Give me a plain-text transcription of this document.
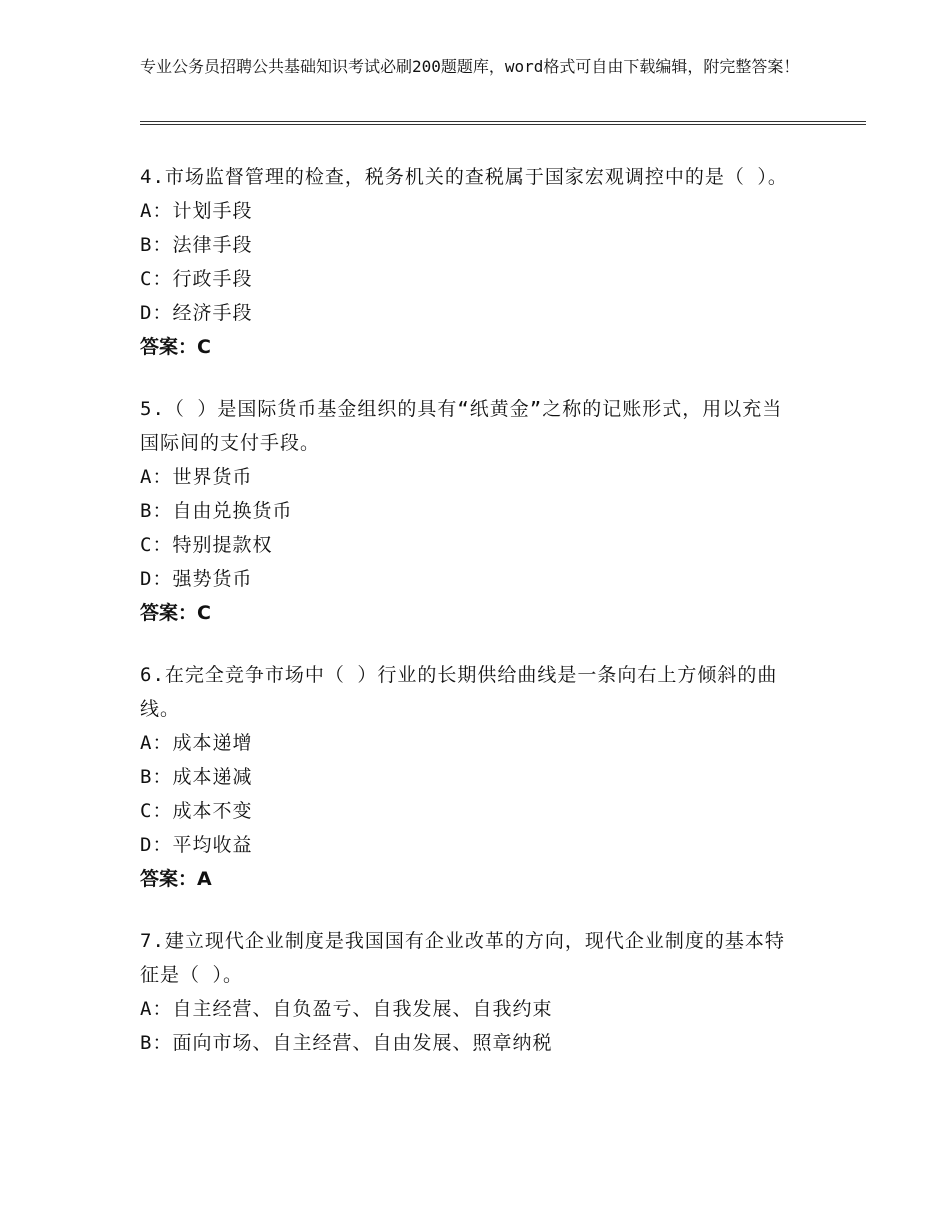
专业公务员招聘公共基础知识考试必刷200题题库，word格式可自由下载编辑，附完整答案！
4.市场监督管理的检查，税务机关的查税属于国家宏观调控中的是（ ）。
A：计划手段
B：法律手段
C：行政手段
D：经济手段
答案：C
5.（ ）是国际货币基金组织的具有“纸黄金”之称的记账形式，用以充当国际间的支付手段。
A：世界货币
B：自由兑换货币
C：特别提款权
D：强势货币
答案：C
6.在完全竞争市场中（ ）行业的长期供给曲线是一条向右上方倾斜的曲线。
A：成本递增
B：成本递减
C：成本不变
D：平均收益
答案：A
7.建立现代企业制度是我国国有企业改革的方向，现代企业制度的基本特征是（ ）。
A：自主经营、自负盈亏、自我发展、自我约束
B：面向市场、自主经营、自由发展、照章纳税
